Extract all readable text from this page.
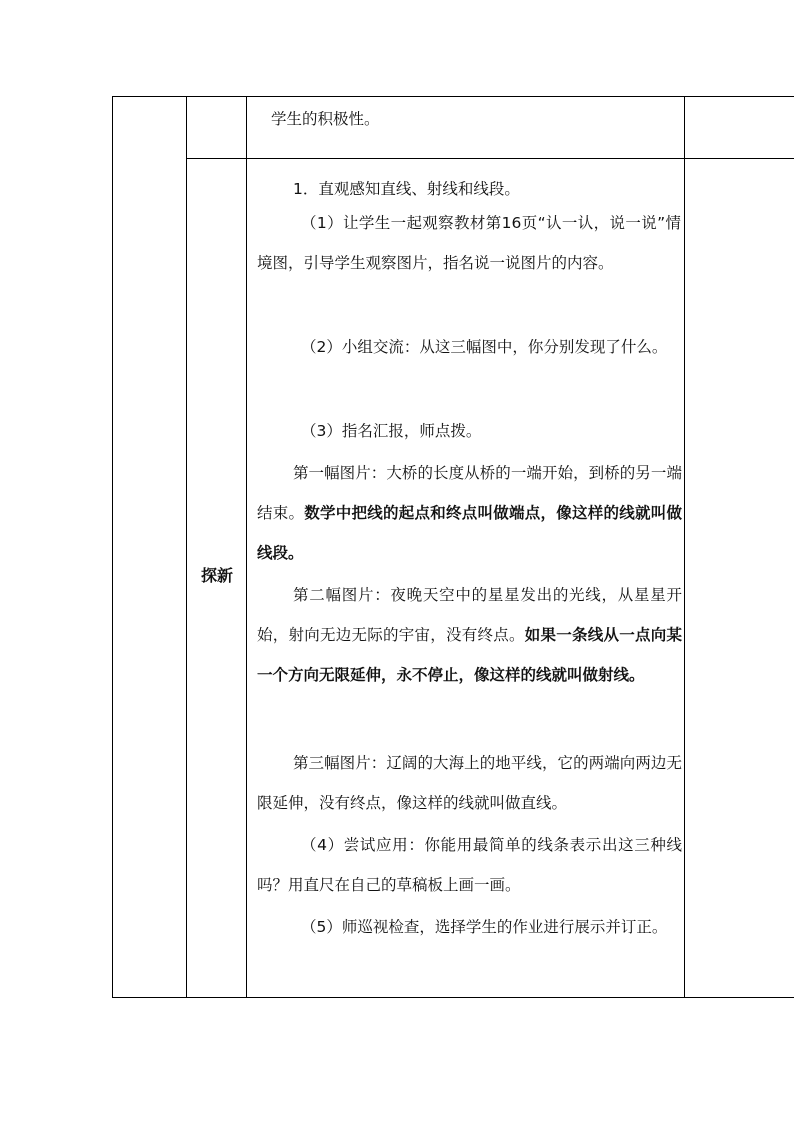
学生的积极性。
探新
1．直观感知直线、射线和线段。
（1）让学生一起观察教材第16页“认一认，说一说”情境图，引导学生观察图片，指名说一说图片的内容。
（2）小组交流：从这三幅图中，你分别发现了什么。
（3）指名汇报，师点拨。
第一幅图片：大桥的长度从桥的一端开始，到桥的另一端结束。数学中把线的起点和终点叫做端点，像这样的线就叫做线段。
第二幅图片：夜晚天空中的星星发出的光线，从星星开始，射向无边无际的宇宙，没有终点。如果一条线从一点向某一个方向无限延伸，永不停止，像这样的线就叫做射线。
第三幅图片：辽阔的大海上的地平线，它的两端向两边无限延伸，没有终点，像这样的线就叫做直线。
（4）尝试应用：你能用最简单的线条表示出这三种线吗？用直尺在自己的草稿板上画一画。
（5）师巡视检查，选择学生的作业进行展示并订正。
